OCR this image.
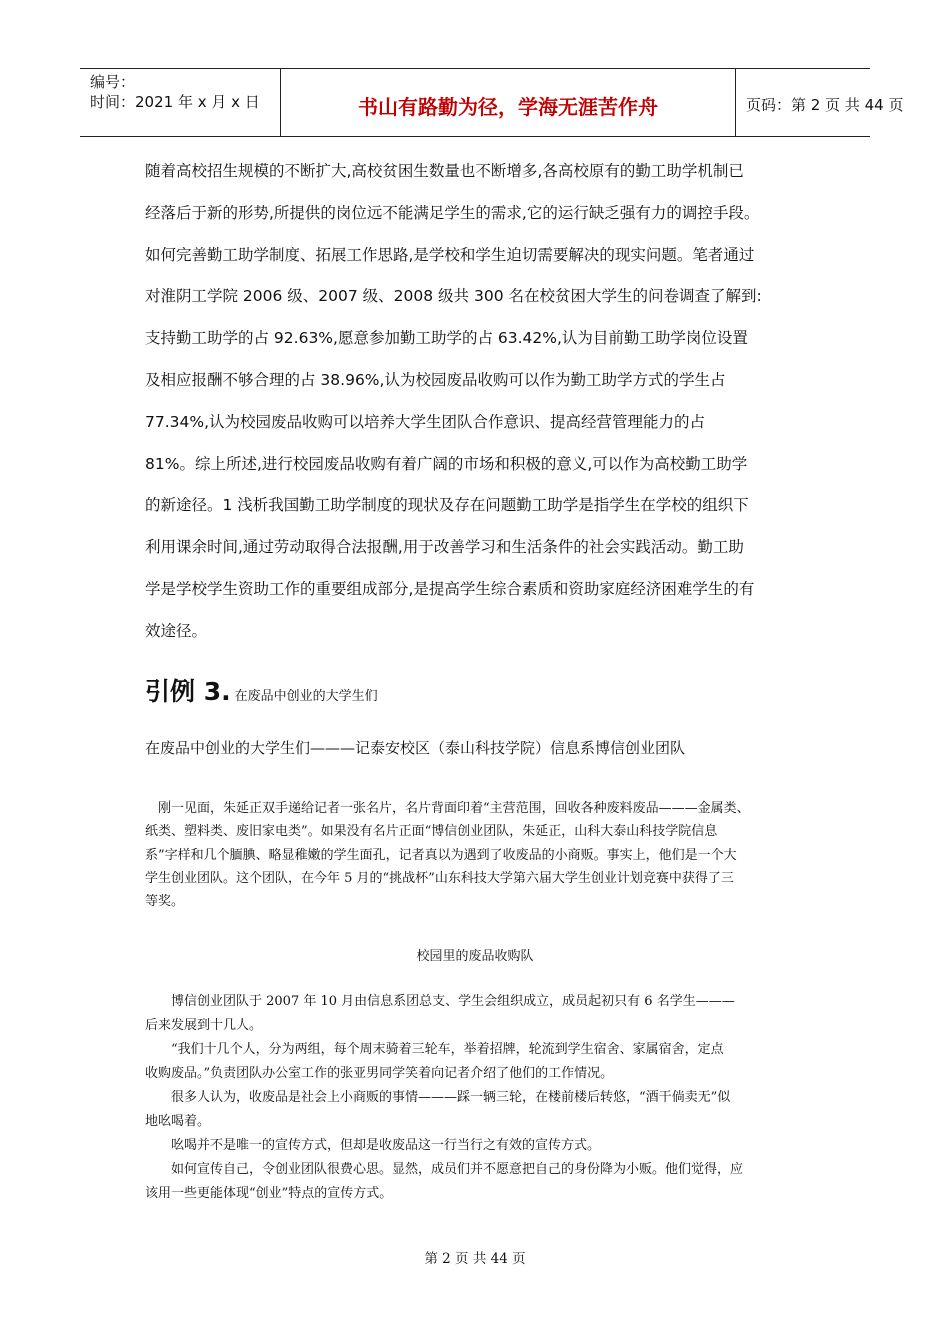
编号：
时间：2021 年 x 月 x 日	书山有路勤为径，学海无涯苦作舟	页码：第 2 页 共 44 页
随着高校招生规模的不断扩大,高校贫困生数量也不断增多,各高校原有的勤工助学机制已
经落后于新的形势,所提供的岗位远不能满足学生的需求,它的运行缺乏强有力的调控手段。
如何完善勤工助学制度、拓展工作思路,是学校和学生迫切需要解决的现实问题。笔者通过
对淮阴工学院 2006 级、2007 级、2008 级共 300 名在校贫困大学生的问卷调查了解到:
支持勤工助学的占 92.63%,愿意参加勤工助学的占 63.42%,认为目前勤工助学岗位设置
及相应报酬不够合理的占 38.96%,认为校园废品收购可以作为勤工助学方式的学生占
77.34%,认为校园废品收购可以培养大学生团队合作意识、提高经营管理能力的占
81%。综上所述,进行校园废品收购有着广阔的市场和积极的意义,可以作为高校勤工助学
的新途径。1 浅析我国勤工助学制度的现状及存在问题勤工助学是指学生在学校的组织下
利用课余时间,通过劳动取得合法报酬,用于改善学习和生活条件的社会实践活动。勤工助
学是学校学生资助工作的重要组成部分,是提高学生综合素质和资助家庭经济困难学生的有
效途径。
引例 3. 在废品中创业的大学生们
在废品中创业的大学生们———记泰安校区（泰山科技学院）信息系博信创业团队
　刚一见面，朱延正双手递给记者一张名片，名片背面印着“主营范围，回收各种废料废品———金属类、
纸类、塑料类、废旧家电类”。如果没有名片正面“博信创业团队，朱延正，山科大泰山科技学院信息
系”字样和几个腼腆、略显稚嫩的学生面孔，记者真以为遇到了收废品的小商贩。事实上，他们是一个大
学生创业团队。这个团队，在今年 5 月的“挑战杯”山东科技大学第六届大学生创业计划竞赛中获得了三
等奖。
校园里的废品收购队
　　博信创业团队于 2007 年 10 月由信息系团总支、学生会组织成立，成员起初只有 6 名学生———
后来发展到十几人。
　　“我们十几个人，分为两组，每个周末骑着三轮车，举着招牌，轮流到学生宿舍、家属宿舍，定点
收购废品。”负责团队办公室工作的张亚男同学笑着向记者介绍了他们的工作情况。
　　很多人认为，收废品是社会上小商贩的事情———踩一辆三轮，在楼前楼后转悠，“酒干倘卖无”似
地吆喝着。
　　吆喝并不是唯一的宣传方式，但却是收废品这一行当行之有效的宣传方式。
　　如何宣传自己，令创业团队很费心思。显然，成员们并不愿意把自己的身份降为小贩。他们觉得，应
该用一些更能体现“创业”特点的宣传方式。
第 2 页 共 44 页
